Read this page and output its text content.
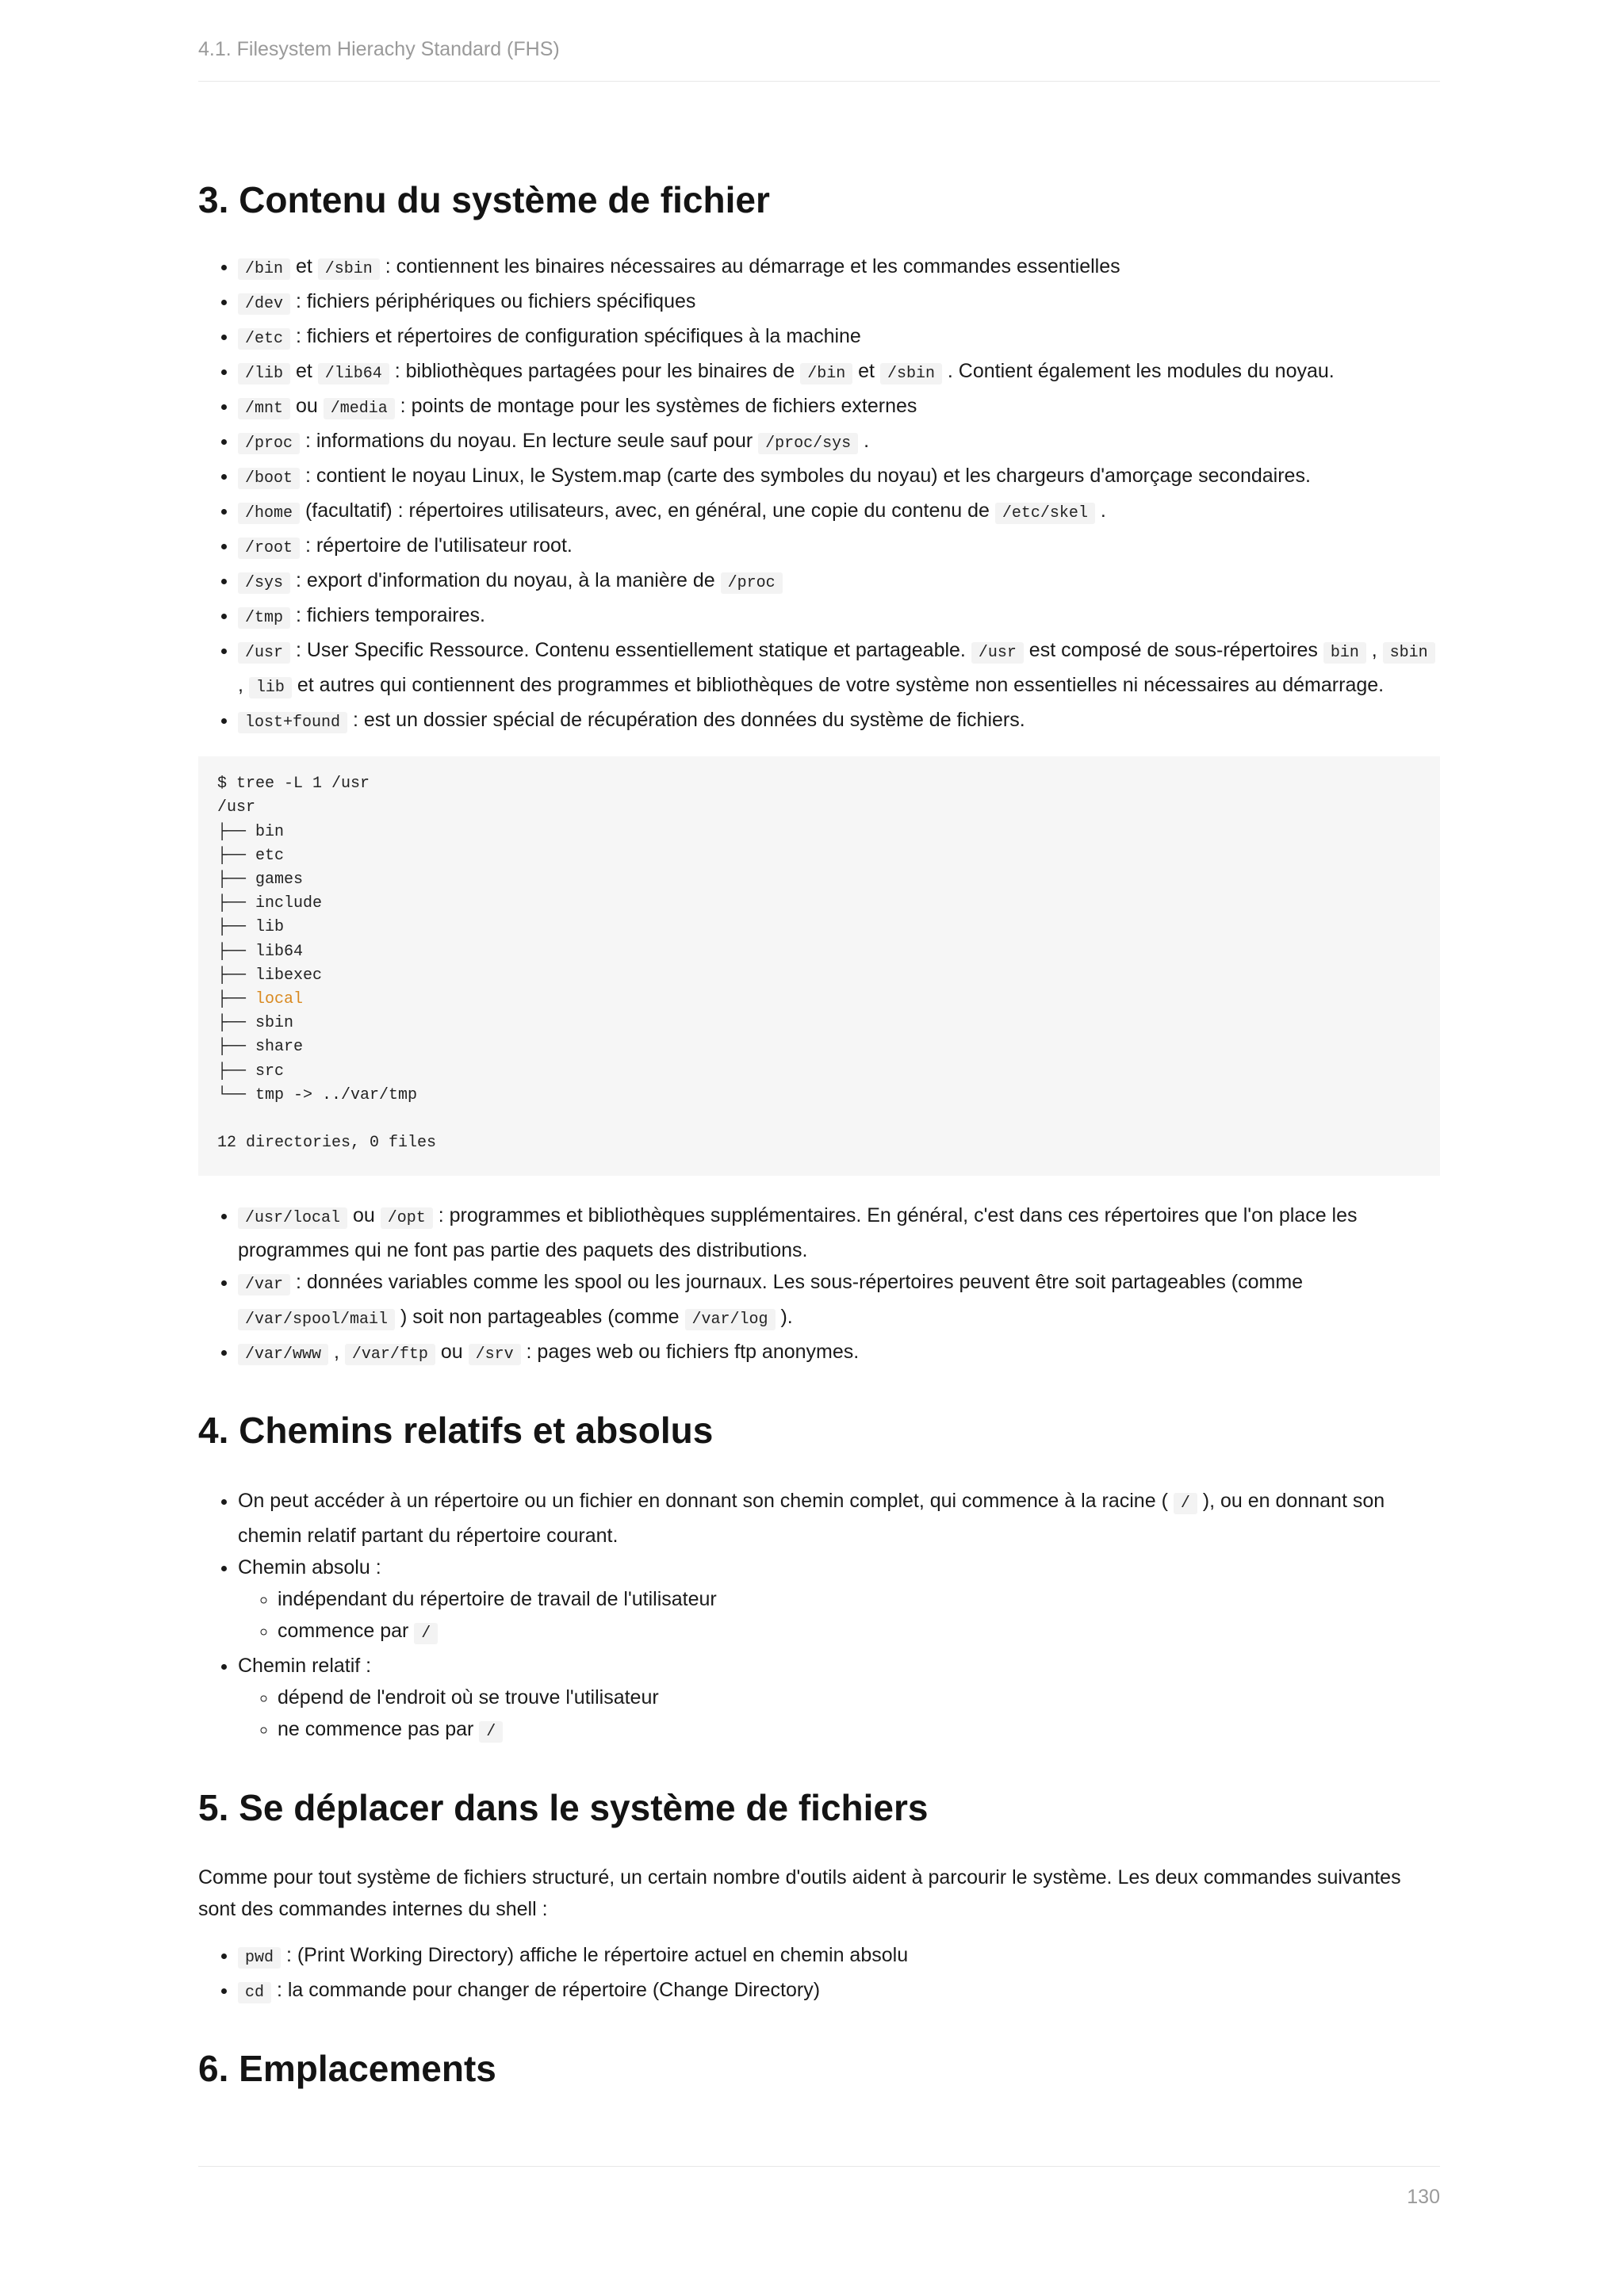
4.1. Filesystem Hierachy Standard (FHS)
3. Contenu du système de fichier
• /bin et /sbin : contiennent les binaires nécessaires au démarrage et les commandes essentielles
• /dev : fichiers périphériques ou fichiers spécifiques
• /etc : fichiers et répertoires de configuration spécifiques à la machine
• /lib et /lib64 : bibliothèques partagées pour les binaires de /bin et /sbin . Contient également les modules du noyau.
• /mnt ou /media : points de montage pour les systèmes de fichiers externes
• /proc : informations du noyau. En lecture seule sauf pour /proc/sys .
• /boot : contient le noyau Linux, le System.map (carte des symboles du noyau) et les chargeurs d'amorçage secondaires.
• /home (facultatif) : répertoires utilisateurs, avec, en général, une copie du contenu de /etc/skel .
• /root : répertoire de l'utilisateur root.
• /sys : export d'information du noyau, à la manière de /proc
• /tmp : fichiers temporaires.
• /usr : User Specific Ressource. Contenu essentiellement statique et partageable. /usr est composé de sous-répertoires bin , sbin , lib et autres qui contiennent des programmes et bibliothèques de votre système non essentielles ni nécessaires au démarrage.
• lost+found : est un dossier spécial de récupération des données du système de fichiers.
$ tree -L 1 /usr
/usr
├── bin
├── etc
├── games
├── include
├── lib
├── lib64
├── libexec
├── local
├── sbin
├── share
├── src
└── tmp -> ../var/tmp

12 directories, 0 files
• /usr/local ou /opt : programmes et bibliothèques supplémentaires. En général, c'est dans ces répertoires que l'on place les programmes qui ne font pas partie des paquets des distributions.
• /var : données variables comme les spool ou les journaux. Les sous-répertoires peuvent être soit partageables (comme /var/spool/mail ) soit non partageables (comme /var/log ).
• /var/www , /var/ftp ou /srv : pages web ou fichiers ftp anonymes.
4. Chemins relatifs et absolus
• On peut accéder à un répertoire ou un fichier en donnant son chemin complet, qui commence à la racine ( / ), ou en donnant son chemin relatif partant du répertoire courant.
• Chemin absolu :
◦ indépendant du répertoire de travail de l'utilisateur
◦ commence par /
• Chemin relatif :
◦ dépend de l'endroit où se trouve l'utilisateur
◦ ne commence pas par /
5. Se déplacer dans le système de fichiers

Comme pour tout système de fichiers structuré, un certain nombre d'outils aident à parcourir le système. Les deux commandes suivantes sont des commandes internes du shell :

• pwd : (Print Working Directory) affiche le répertoire actuel en chemin absolu
• cd : la commande pour changer de répertoire (Change Directory)
6. Emplacements
130
